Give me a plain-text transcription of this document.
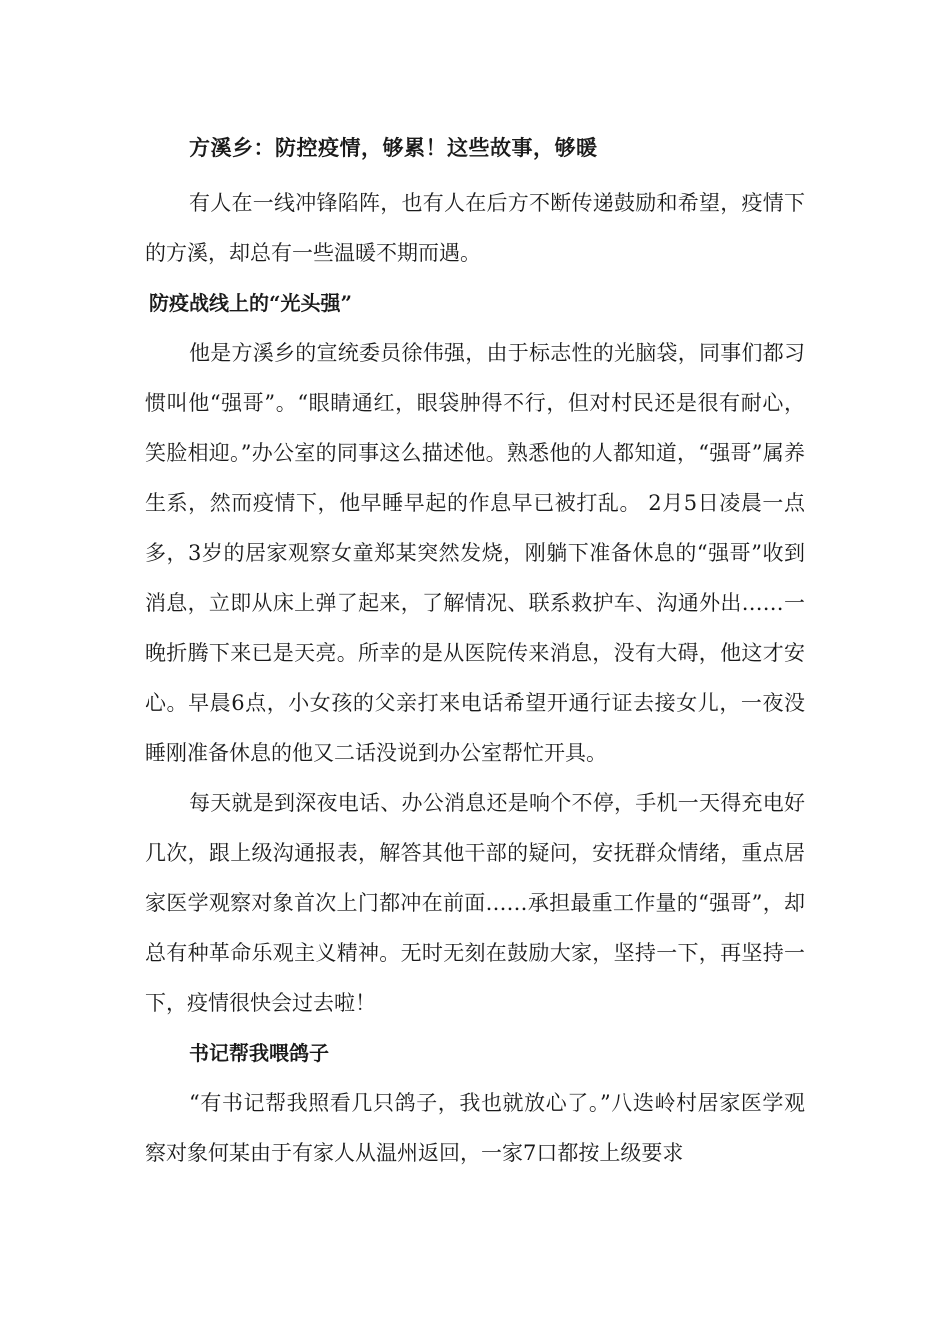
方溪乡：防控疫情，够累！这些故事，够暖

有人在一线冲锋陷阵，也有人在后方不断传递鼓励和希望，疫情下的方溪，却总有一些温暖不期而遇。

防疫战线上的“光头强”

他是方溪乡的宣统委员徐伟强，由于标志性的光脑袋，同事们都习惯叫他“强哥”。“眼睛通红，眼袋肿得不行，但对村民还是很有耐心，笑脸相迎。”办公室的同事这么描述他。熟悉他的人都知道，“强哥”属养生系，然而疫情下，他早睡早起的作息早已被打乱。 2月5日凌晨一点多，3岁的居家观察女童郑某突然发烧，刚躺下准备休息的“强哥”收到消息，立即从床上弹了起来，了解情况、联系救护车、沟通外出……一晚折腾下来已是天亮。所幸的是从医院传来消息，没有大碍，他这才安心。早晨6点，小女孩的父亲打来电话希望开通行证去接女儿，一夜没睡刚准备休息的他又二话没说到办公室帮忙开具。

每天就是到深夜电话、办公消息还是响个不停，手机一天得充电好几次，跟上级沟通报表，解答其他干部的疑问，安抚群众情绪，重点居家医学观察对象首次上门都冲在前面……承担最重工作量的“强哥”，却总有种革命乐观主义精神。无时无刻在鼓励大家，坚持一下，再坚持一下，疫情很快会过去啦！

书记帮我喂鸽子

“有书记帮我照看几只鸽子，我也就放心了。”八迭岭村居家医学观察对象何某由于有家人从温州返回，一家7口都按上级要求
